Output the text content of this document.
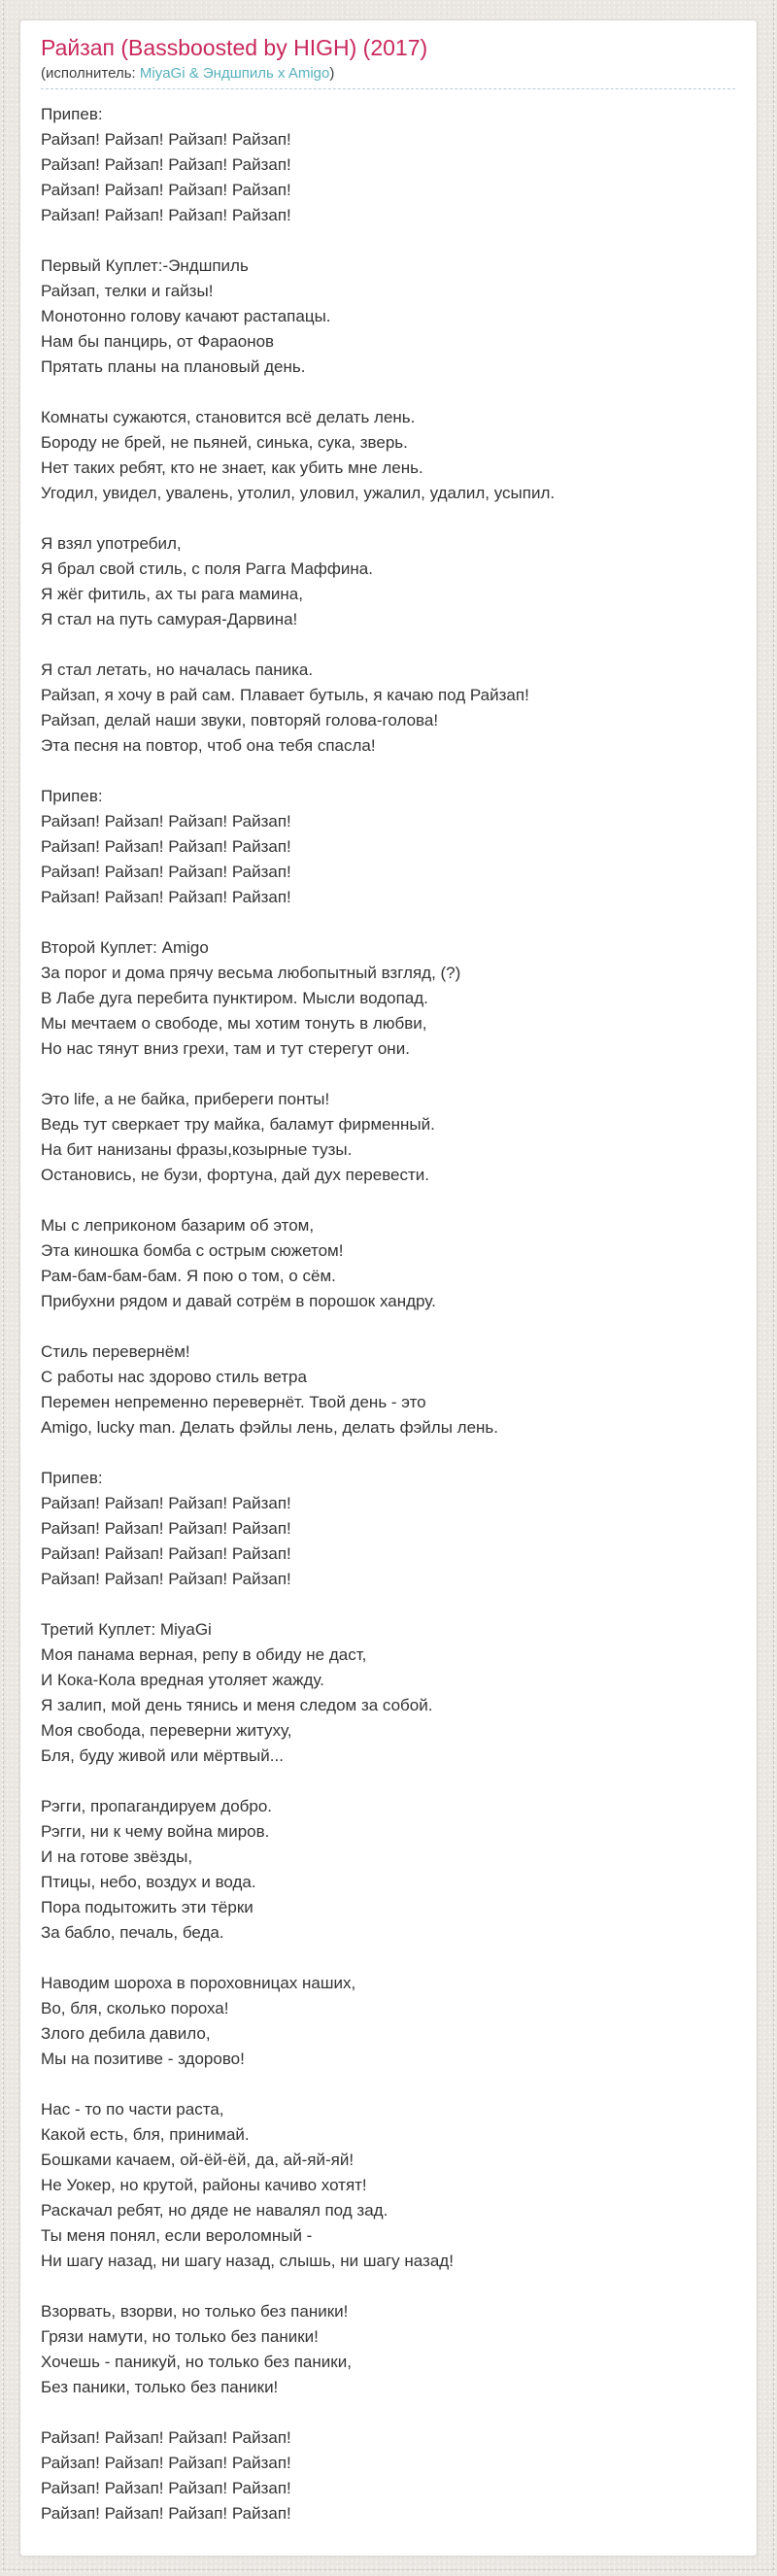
Райзап (Bassboosted by HIGH) (2017)
(исполнитель: MiyaGi & Эндшпиль x Amigo)
Припев:
Райзап! Райзап! Райзап! Райзап!
Райзап! Райзап! Райзап! Райзап!
Райзап! Райзап! Райзап! Райзап!
Райзап! Райзап! Райзап! Райзап!
Первый Куплет:-Эндшпиль
Райзап, телки и гайзы!
Монотонно голову качают растапацы.
Нам бы панцирь, от Фараонов
Прятать планы на плановый день.
Комнаты сужаются, становится всё делать лень.
Бороду не брей, не пьяней, синька, сука, зверь.
Нет таких ребят, кто не знает, как убить мне лень.
Угодил, увидел, увалень, утолил, уловил, ужалил, удалил, усыпил.
Я взял употребил,
Я брал свой стиль, с поля Рагга Маффина.
Я жёг фитиль, ах ты рага мамина,
Я стал на путь самурая-Дарвина!
Я стал летать, но началась паника.
Райзап, я хочу в рай сам. Плавает бутыль, я качаю под Райзап!
Райзап, делай наши звуки, повторяй голова-голова!
Эта песня на повтор, чтоб она тебя спасла!
Припев:
Райзап! Райзап! Райзап! Райзап!
Райзап! Райзап! Райзап! Райзап!
Райзап! Райзап! Райзап! Райзап!
Райзап! Райзап! Райзап! Райзап!
Второй Куплет: Amigo
За порог и дома прячу весьма любопытный взгляд, (?)
В Лабе дуга перебита пунктиром. Мысли водопад.
Мы мечтаем о свободе, мы хотим тонуть в любви,
Но нас тянут вниз грехи, там и тут стерегут они.
Это life, а не байка, прибереги понты!
Ведь тут сверкает тру майка, баламут фирменный.
На бит нанизаны фразы,козырные тузы.
Остановись, не бузи, фортуна, дай дух перевести.
Мы с леприконом базарим об этом,
Эта киношка бомба с острым сюжетом!
Рам-бам-бам-бам. Я пою о том, о сём.
Прибухни рядом и давай сотрём в порошок хандру.
Стиль перевернём!
С работы нас здорово стиль ветра
Перемен непременно перевернёт. Твой день - это
Amigo, lucky man. Делать фэйлы лень, делать фэйлы лень.
Припев:
Райзап! Райзап! Райзап! Райзап!
Райзап! Райзап! Райзап! Райзап!
Райзап! Райзап! Райзап! Райзап!
Райзап! Райзап! Райзап! Райзап!
Третий Куплет: MiyaGi
Моя панама верная, репу в обиду не даст,
И Кока-Кола вредная утоляет жажду.
Я залип, мой день тянись и меня следом за собой.
Моя свобода, переверни житуху,
Бля, буду живой или мёртвый...
Рэгги, пропагандируем добро.
Рэгги, ни к чему война миров.
И на готове звёзды,
Птицы, небо, воздух и вода.
Пора подытожить эти тёрки
За бабло, печаль, беда.
Наводим шороха в пороховницах наших,
Во, бля, сколько пороха!
Злого дебила давило,
Мы на позитиве - здорово!
Нас - то по части раста,
Какой есть, бля, принимай.
Бошками качаем, ой-ёй-ёй, да, ай-яй-яй!
Не Уокер, но крутой, районы качиво хотят!
Раскачал ребят, но дяде не навалял под зад.
Ты меня понял, если вероломный -
Ни шагу назад, ни шагу назад, слышь, ни шагу назад!
Взорвать, взорви, но только без паники!
Грязи намути, но только без паники!
Хочешь - паникуй, но только без паники,
Без паники, только без паники!
Райзап! Райзап! Райзап! Райзап!
Райзап! Райзап! Райзап! Райзап!
Райзап! Райзап! Райзап! Райзап!
Райзап! Райзап! Райзап! Райзап!
